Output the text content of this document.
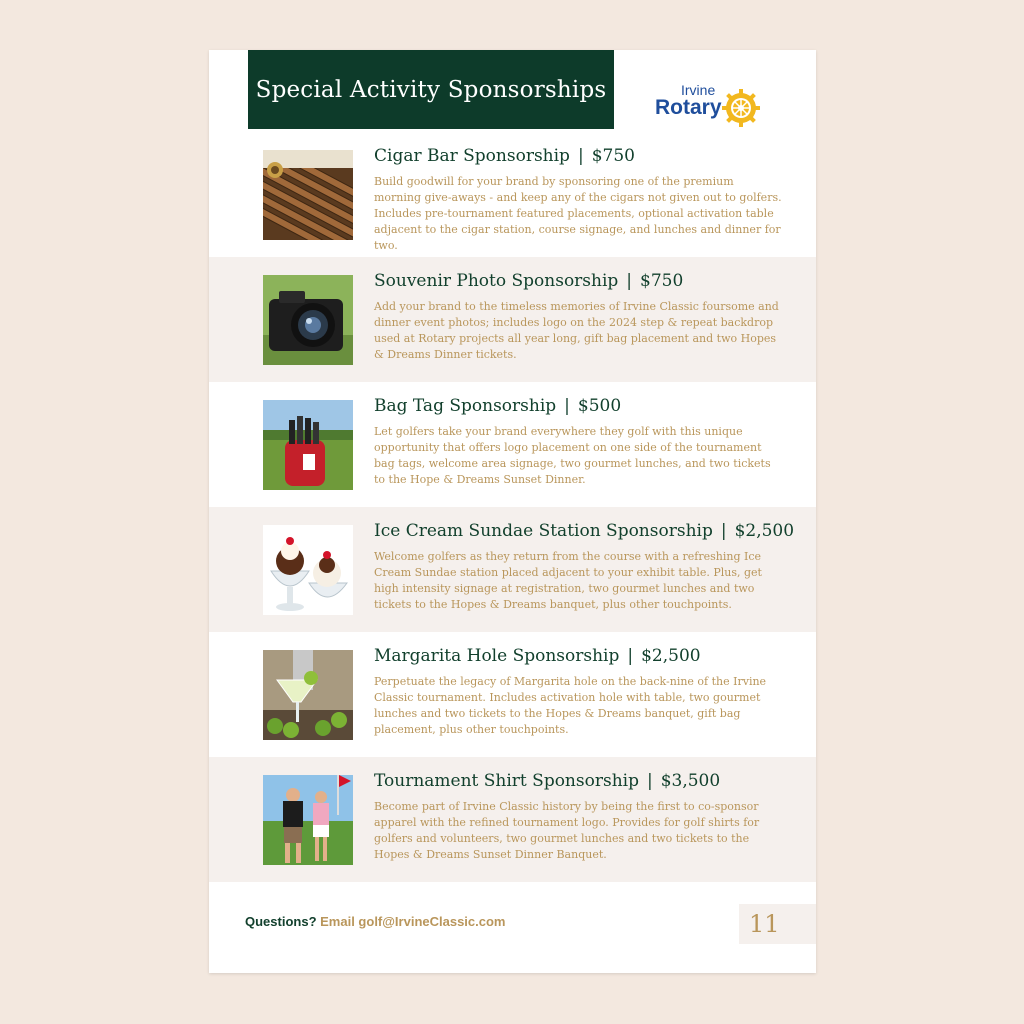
Special Activity Sponsorships	Irvine
Rotary
Cigar Bar Sponsorship | $750
Build goodwill for your brand by sponsoring one of the premium morning give-aways - and keep any of the cigars not given out to golfers. Includes pre-tournament featured placements, optional activation table adjacent to the cigar station, course signage, and lunches and dinner for two.
Souvenir Photo Sponsorship | $750
Add your brand to the timeless memories of Irvine Classic foursome and dinner event photos; includes logo on the 2024 step & repeat backdrop used at Rotary projects all year long, gift bag placement and two Hopes & Dreams Dinner tickets.
Bag Tag Sponsorship | $500
Let golfers take your brand everywhere they golf with this unique opportunity that offers logo placement on one side of the tournament bag tags, welcome area signage, two gourmet lunches, and two tickets to the Hope & Dreams Sunset Dinner.
Ice Cream Sundae Station Sponsorship | $2,500
Welcome golfers as they return from the course with a refreshing Ice Cream Sundae station placed adjacent to your exhibit table. Plus, get high intensity signage at registration, two gourmet lunches and two tickets to the Hopes & Dreams banquet, plus other touchpoints.
Margarita Hole Sponsorship | $2,500
Perpetuate the legacy of Margarita hole on the back-nine of the Irvine Classic tournament. Includes activation hole with table, two gourmet lunches and two tickets to the Hopes & Dreams banquet, gift bag placement, plus other touchpoints.
Tournament Shirt Sponsorship | $3,500
Become part of Irvine Classic history by being the first to co-sponsor apparel with the refined tournament logo. Provides for golf shirts for golfers and volunteers, two gourmet lunches and two tickets to the Hopes & Dreams Sunset Dinner Banquet.
Questions? Email golf@IrvineClassic.com	11
